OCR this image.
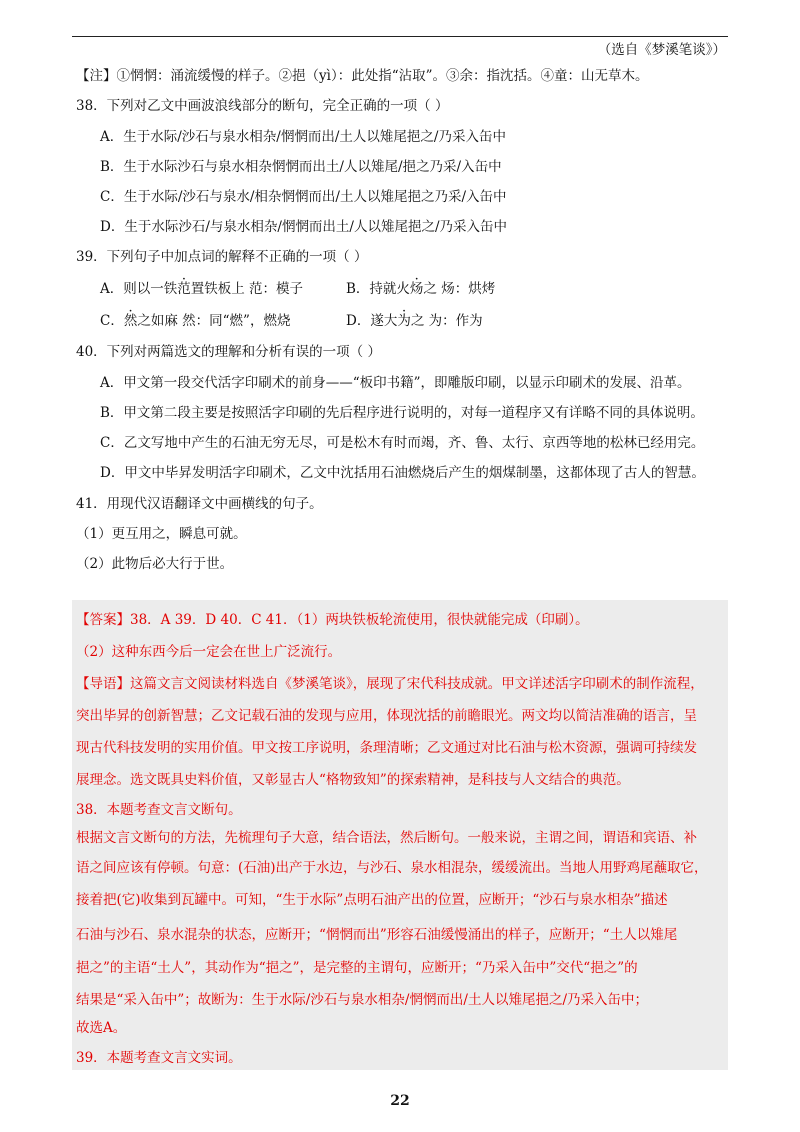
（选自《梦溪笔谈》）
【注】①惘惘：涌流缓慢的样子。②挹（yì）：此处指“沾取”。③余：指沈括。④童：山无草木。
38．下列对乙文中画波浪线部分的断句，完全正确的一项（ ）
A．生于水际/沙石与泉水相杂/惘惘而出/土人以雉尾挹之/乃采入缶中
B．生于水际沙石与泉水相杂惘惘而出土/人以雉尾/挹之乃采/入缶中
C．生于水际/沙石与泉水/相杂惘惘而出/土人以雉尾挹之乃采/入缶中
D．生于水际沙石/与泉水相杂/惘惘而出土/人以雉尾挹之/乃采入缶中
39．下列句子中加点词的解释不正确的一项（ ）
A．则以一铁范置铁板上 范：模子	B．持就火炀之 炀：烘烤
C．然之如麻 然：同“燃”，燃烧	D．遂大为之 为：作为
40．下列对两篇选文的理解和分析有误的一项（ ）
A．甲文第一段交代活字印刷术的前身——“板印书籍”，即雕版印刷，以显示印刷术的发展、沿革。
B．甲文第二段主要是按照活字印刷的先后程序进行说明的，对每一道程序又有详略不同的具体说明。
C．乙文写地中产生的石油无穷无尽，可是松木有时而竭，齐、鲁、太行、京西等地的松林已经用完。
D．甲文中毕昇发明活字印刷术，乙文中沈括用石油燃烧后产生的烟煤制墨，这都体现了古人的智慧。
41．用现代汉语翻译文中画横线的句子。
（1）更互用之，瞬息可就。
（2）此物后必大行于世。
【答案】38．A 39．D 40．C 41．（1）两块铁板轮流使用，很快就能完成（印刷）。
（2）这种东西今后一定会在世上广泛流行。
【导语】这篇文言文阅读材料选自《梦溪笔谈》，展现了宋代科技成就。甲文详述活字印刷术的制作流程，
突出毕昇的创新智慧；乙文记载石油的发现与应用，体现沈括的前瞻眼光。两文均以简洁准确的语言，呈
现古代科技发明的实用价值。甲文按工序说明，条理清晰；乙文通过对比石油与松木资源，强调可持续发
展理念。选文既具史料价值，又彰显古人“格物致知”的探索精神，是科技与人文结合的典范。
38．本题考查文言文断句。
根据文言文断句的方法，先梳理句子大意，结合语法，然后断句。一般来说，主谓之间，谓语和宾语、补
语之间应该有停顿。句意：(石油)出产于水边，与沙石、泉水相混杂，缓缓流出。当地人用野鸡尾蘸取它，
接着把(它)收集到瓦罐中。可知，“生于水际”点明石油产出的位置，应断开；“沙石与泉水相杂”描述
石油与沙石、泉水混杂的状态，应断开；“惘惘而出”形容石油缓慢涌出的样子，应断开；“土人以雉尾
挹之”的主语“土人”，其动作为“挹之”，是完整的主谓句，应断开；“乃采入缶中”交代“挹之”的
结果是“采入缶中”；故断为：生于水际/沙石与泉水相杂/惘惘而出/土人以雉尾挹之/乃采入缶中；
故选A。
39．本题考查文言文实词。
22
